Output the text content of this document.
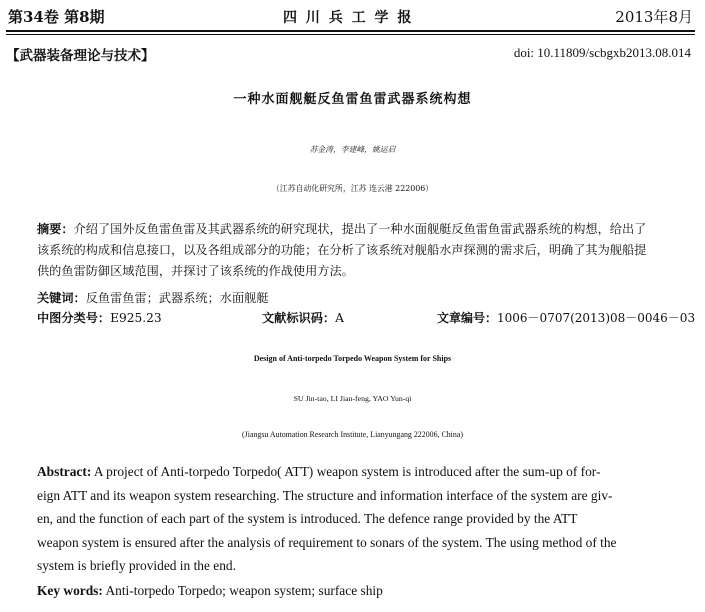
第34卷 第8期	四 川 兵 工 学 报	2013年8月
【武器装备理论与技术】	doi: 10.11809/scbgxb2013.08.014
一种水面舰艇反鱼雷鱼雷武器系统构想
苏金涛，李建峰，姚运启
（江苏自动化研究所，江苏 连云港 222006）
摘要：介绍了国外反鱼雷鱼雷及其武器系统的研究现状，提出了一种水面舰艇反鱼雷鱼雷武器系统的构想，给出了
该系统的构成和信息接口，以及各组成部分的功能；在分析了该系统对舰船水声探测的需求后，明确了其为舰船提
供的鱼雷防御区域范围，并探讨了该系统的作战使用方法。
关键词：反鱼雷鱼雷；武器系统；水面舰艇
中图分类号：E925.23	文献标识码：A	文章编号：1006－0707(2013)08－0046－03
Design of Anti-torpedo Torpedo Weapon System for Ships
SU Jin-tao, LI Jian-feng, YAO Yun-qi
(Jiangsu Automation Research Institute, Lianyungang 222006, China)
Abstract: A project of Anti-torpedo Torpedo( ATT) weapon system is introduced after the sum-up of for-
eign ATT and its weapon system researching. The structure and information interface of the system are giv-
en, and the function of each part of the system is introduced. The defence range provided by the ATT
weapon system is ensured after the analysis of requirement to sonars of the system. The using method of the
system is briefly provided in the end.
Key words: Anti-torpedo Torpedo; weapon system; surface ship
